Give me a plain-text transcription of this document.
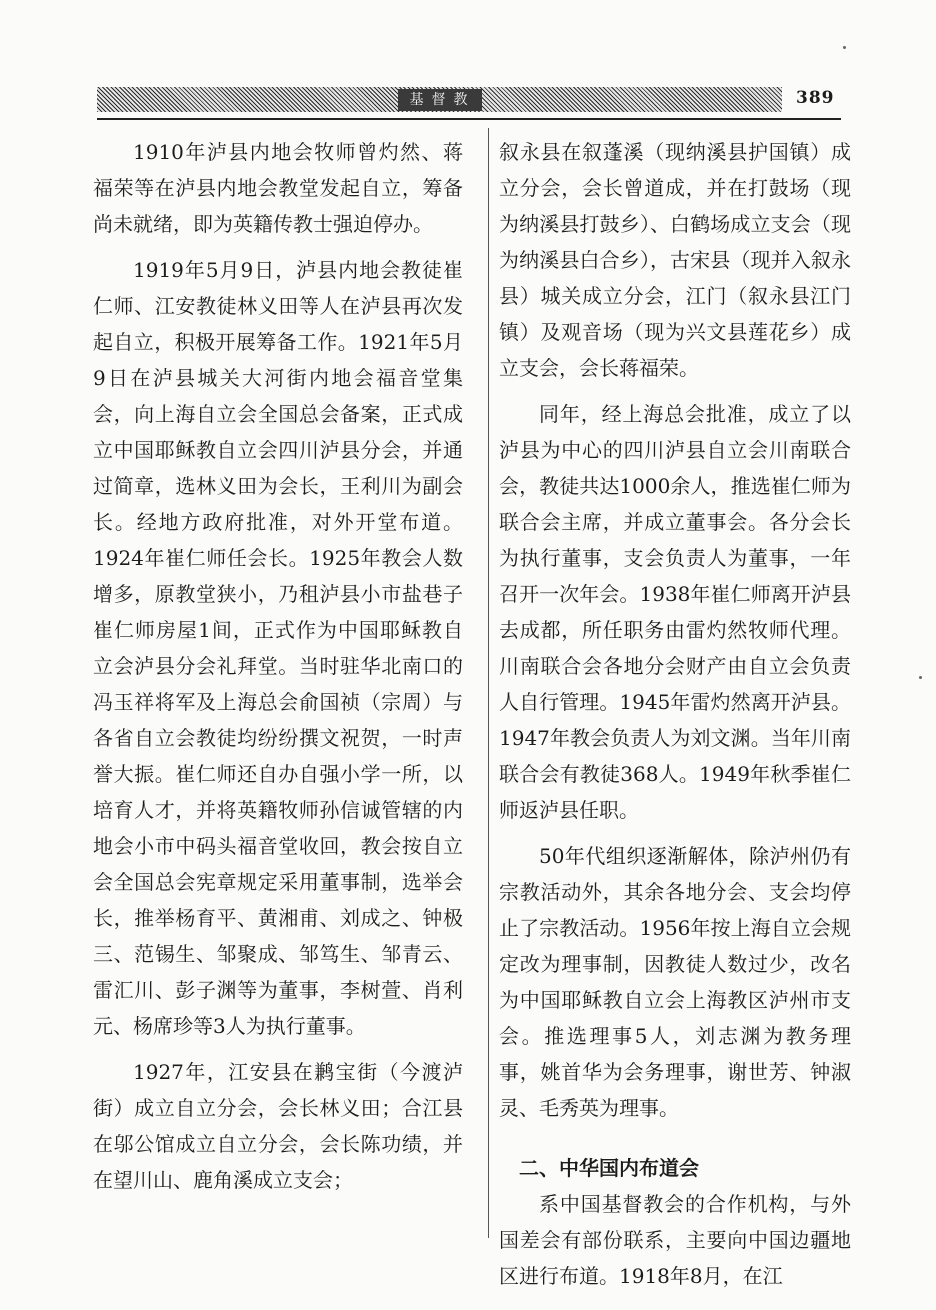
基督教	389

1910年泸县内地会牧师曾灼然、蒋福荣等在泸县内地会教堂发起自立，筹备尚未就绪，即为英籍传教士强迫停办。

1919年5月9日，泸县内地会教徒崔仁师、江安教徒林义田等人在泸县再次发起自立，积极开展筹备工作。1921年5月9日在泸县城关大河街内地会福音堂集会，向上海自立会全国总会备案，正式成立中国耶稣教自立会四川泸县分会，并通过简章，选林义田为会长，王利川为副会长。经地方政府批准，对外开堂布道。1924年崔仁师任会长。1925年教会人数增多，原教堂狭小，乃租泸县小市盐巷子崔仁师房屋1间，正式作为中国耶稣教自立会泸县分会礼拜堂。当时驻华北南口的冯玉祥将军及上海总会俞国祯（宗周）与各省自立会教徒均纷纷撰文祝贺，一时声誉大振。崔仁师还自办自强小学一所，以培育人才，并将英籍牧师孙信诚管辖的内地会小市中码头福音堂收回，教会按自立会全国总会宪章规定采用董事制，选举会长，推举杨育平、黄湘甫、刘成之、钟极三、范锡生、邹聚成、邹笃生、邹青云、雷汇川、彭子渊等为董事，李树萱、肖利元、杨席珍等3人为执行董事。

1927年，江安县在鹣宝街（今渡泸街）成立自立分会，会长林义田；合江县在邬公馆成立自立分会，会长陈功绩，并在望川山、鹿角溪成立支会；

叙永县在叙蓬溪（现纳溪县护国镇）成立分会，会长曾道成，并在打鼓场（现为纳溪县打鼓乡）、白鹤场成立支会（现为纳溪县白合乡），古宋县（现并入叙永县）城关成立分会，江门（叙永县江门镇）及观音场（现为兴文县莲花乡）成立支会，会长蒋福荣。

同年，经上海总会批准，成立了以泸县为中心的四川泸县自立会川南联合会，教徒共达1000余人，推选崔仁师为联合会主席，并成立董事会。各分会长为执行董事，支会负责人为董事，一年召开一次年会。1938年崔仁师离开泸县去成都，所任职务由雷灼然牧师代理。川南联合会各地分会财产由自立会负责人自行管理。1945年雷灼然离开泸县。1947年教会负责人为刘文渊。当年川南联合会有教徒368人。1949年秋季崔仁师返泸县任职。

50年代组织逐渐解体，除泸州仍有宗教活动外，其余各地分会、支会均停止了宗教活动。1956年按上海自立会规定改为理事制，因教徒人数过少，改名为中国耶稣教自立会上海教区泸州市支会。推选理事5人，刘志渊为教务理事，姚首华为会务理事，谢世芳、钟淑灵、毛秀英为理事。

二、中华国内布道会

系中国基督教会的合作机构，与外国差会有部份联系，主要向中国边疆地区进行布道。1918年8月，在江
